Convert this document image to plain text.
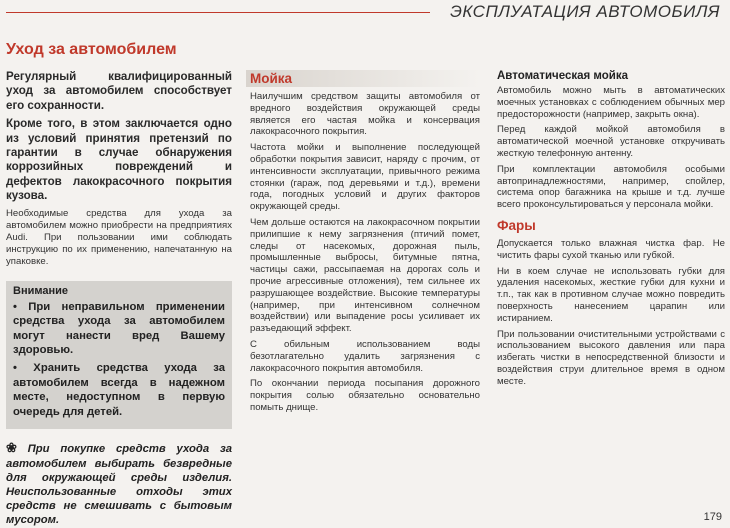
ЭКСПЛУАТАЦИЯ АВТОМОБИЛЯ
Уход за автомобилем

Регулярный квалифицированный уход за автомобилем способствует его сохранности.

Кроме того, в этом заключается одно из условий принятия претензий по гарантии в случае обнаружения коррозийных повреждений и дефектов лакокрасочного покрытия кузова.

Необходимые средства для ухода за автомобилем можно приобрести на предприятиях Audi. При пользовании ими соблюдать инструкцию по их применению, напечатанную на упаковке.

Внимание

• При неправильном применении средства ухода за автомобилем могут нанести вред Вашему здоровью.

• Хранить средства ухода за автомобилем всегда в надежном месте, недоступном в первую очередь для детей.

❀ При покупке средств ухода за автомобилем выбирать безвредные для окружающей среды изделия. Неиспользованные отходы этих средств не смешивать с бытовым мусором.

Мойка

Наилучшим средством защиты автомобиля от вредного воздействия окружающей среды является его частая мойка и консервация лакокрасочного покрытия.

Частота мойки и выполнение последующей обработки покрытия зависит, наряду с прочим, от интенсивности эксплуатации, привычного режима стоянки (гараж, под деревьями и т.д.), времени года, погодных условий и других факторов окружающей среды.

Чем дольше остаются на лакокрасочном покрытии прилипшие к нему загрязнения (птичий помет, следы от насекомых, дорожная пыль, промышленные выбросы, битумные пятна, частицы сажи, рассыпаемая на дорогах соль и прочие агрессивные отложения), тем сильнее их разрушающее воздействие. Высокие температуры (например, при интенсивном солнечном воздействии) или выпадение росы усиливает их разъедающий эффект.

С обильным использованием воды безотлагательно удалить загрязнения с лакокрасочного покрытия автомобиля.

По окончании периода посыпания дорожного покрытия солью обязательно основательно помыть днище.

Автоматическая мойка

Автомобиль можно мыть в автоматических моечных установках с соблюдением обычных мер предосторожности (например, закрыть окна).

Перед каждой мойкой автомобиля в автоматической моечной установке откручивать жесткую телефонную антенну.

При комплектации автомобиля особыми автопринадлежностями, например, спойлер, система опор багажника на крыше и т.д. лучше всего проконсультироваться у персонала мойки.

Фары

Допускается только влажная чистка фар. Не чистить фары сухой тканью или губкой.

Ни в коем случае не использовать губки для удаления насекомых, жесткие губки для кухни и т.п., так как в противном случае можно повредить поверхность нанесением царапин или истиранием.

При пользовании очистительными устройствами с использованием высокого давления или пара избегать чистки в непосредственной близости и воздействия струи длительное время в одном месте.

179
